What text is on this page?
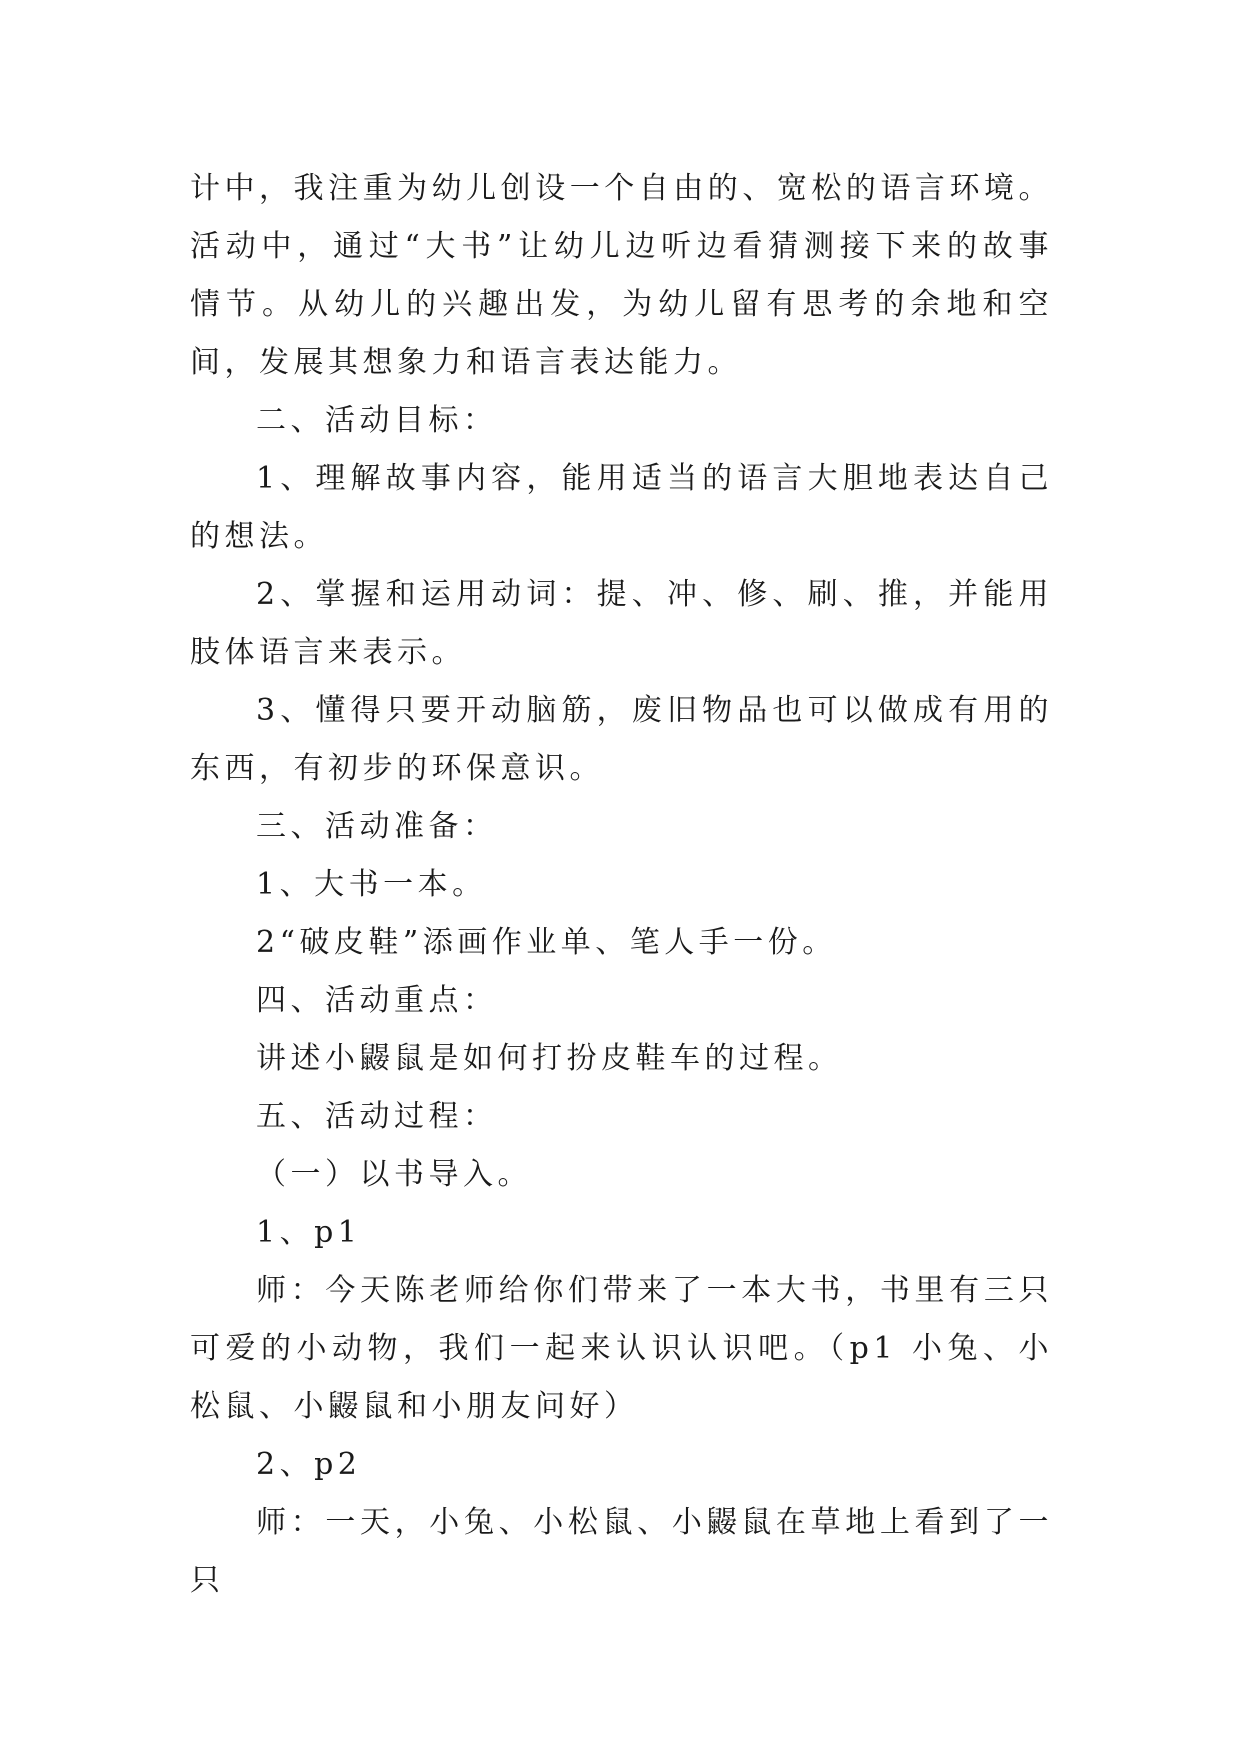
计中，我注重为幼儿创设一个自由的、宽松的语言环境。活动中，通过“大书”让幼儿边听边看猜测接下来的故事情节。从幼儿的兴趣出发，为幼儿留有思考的余地和空间，发展其想象力和语言表达能力。

二、活动目标：

1、理解故事内容，能用适当的语言大胆地表达自己的想法。

2、掌握和运用动词：提、冲、修、刷、推，并能用肢体语言来表示。

3、懂得只要开动脑筋，废旧物品也可以做成有用的东西，有初步的环保意识。

三、活动准备：

1、大书一本。

2“破皮鞋”添画作业单、笔人手一份。

四、活动重点：

讲述小鼹鼠是如何打扮皮鞋车的过程。

五、活动过程：

（一）以书导入。

1、p1

师：今天陈老师给你们带来了一本大书，书里有三只可爱的小动物，我们一起来认识认识吧。（p1 小兔、小松鼠、小鼹鼠和小朋友问好）

2、p2

师：一天，小兔、小松鼠、小鼹鼠在草地上看到了一只
